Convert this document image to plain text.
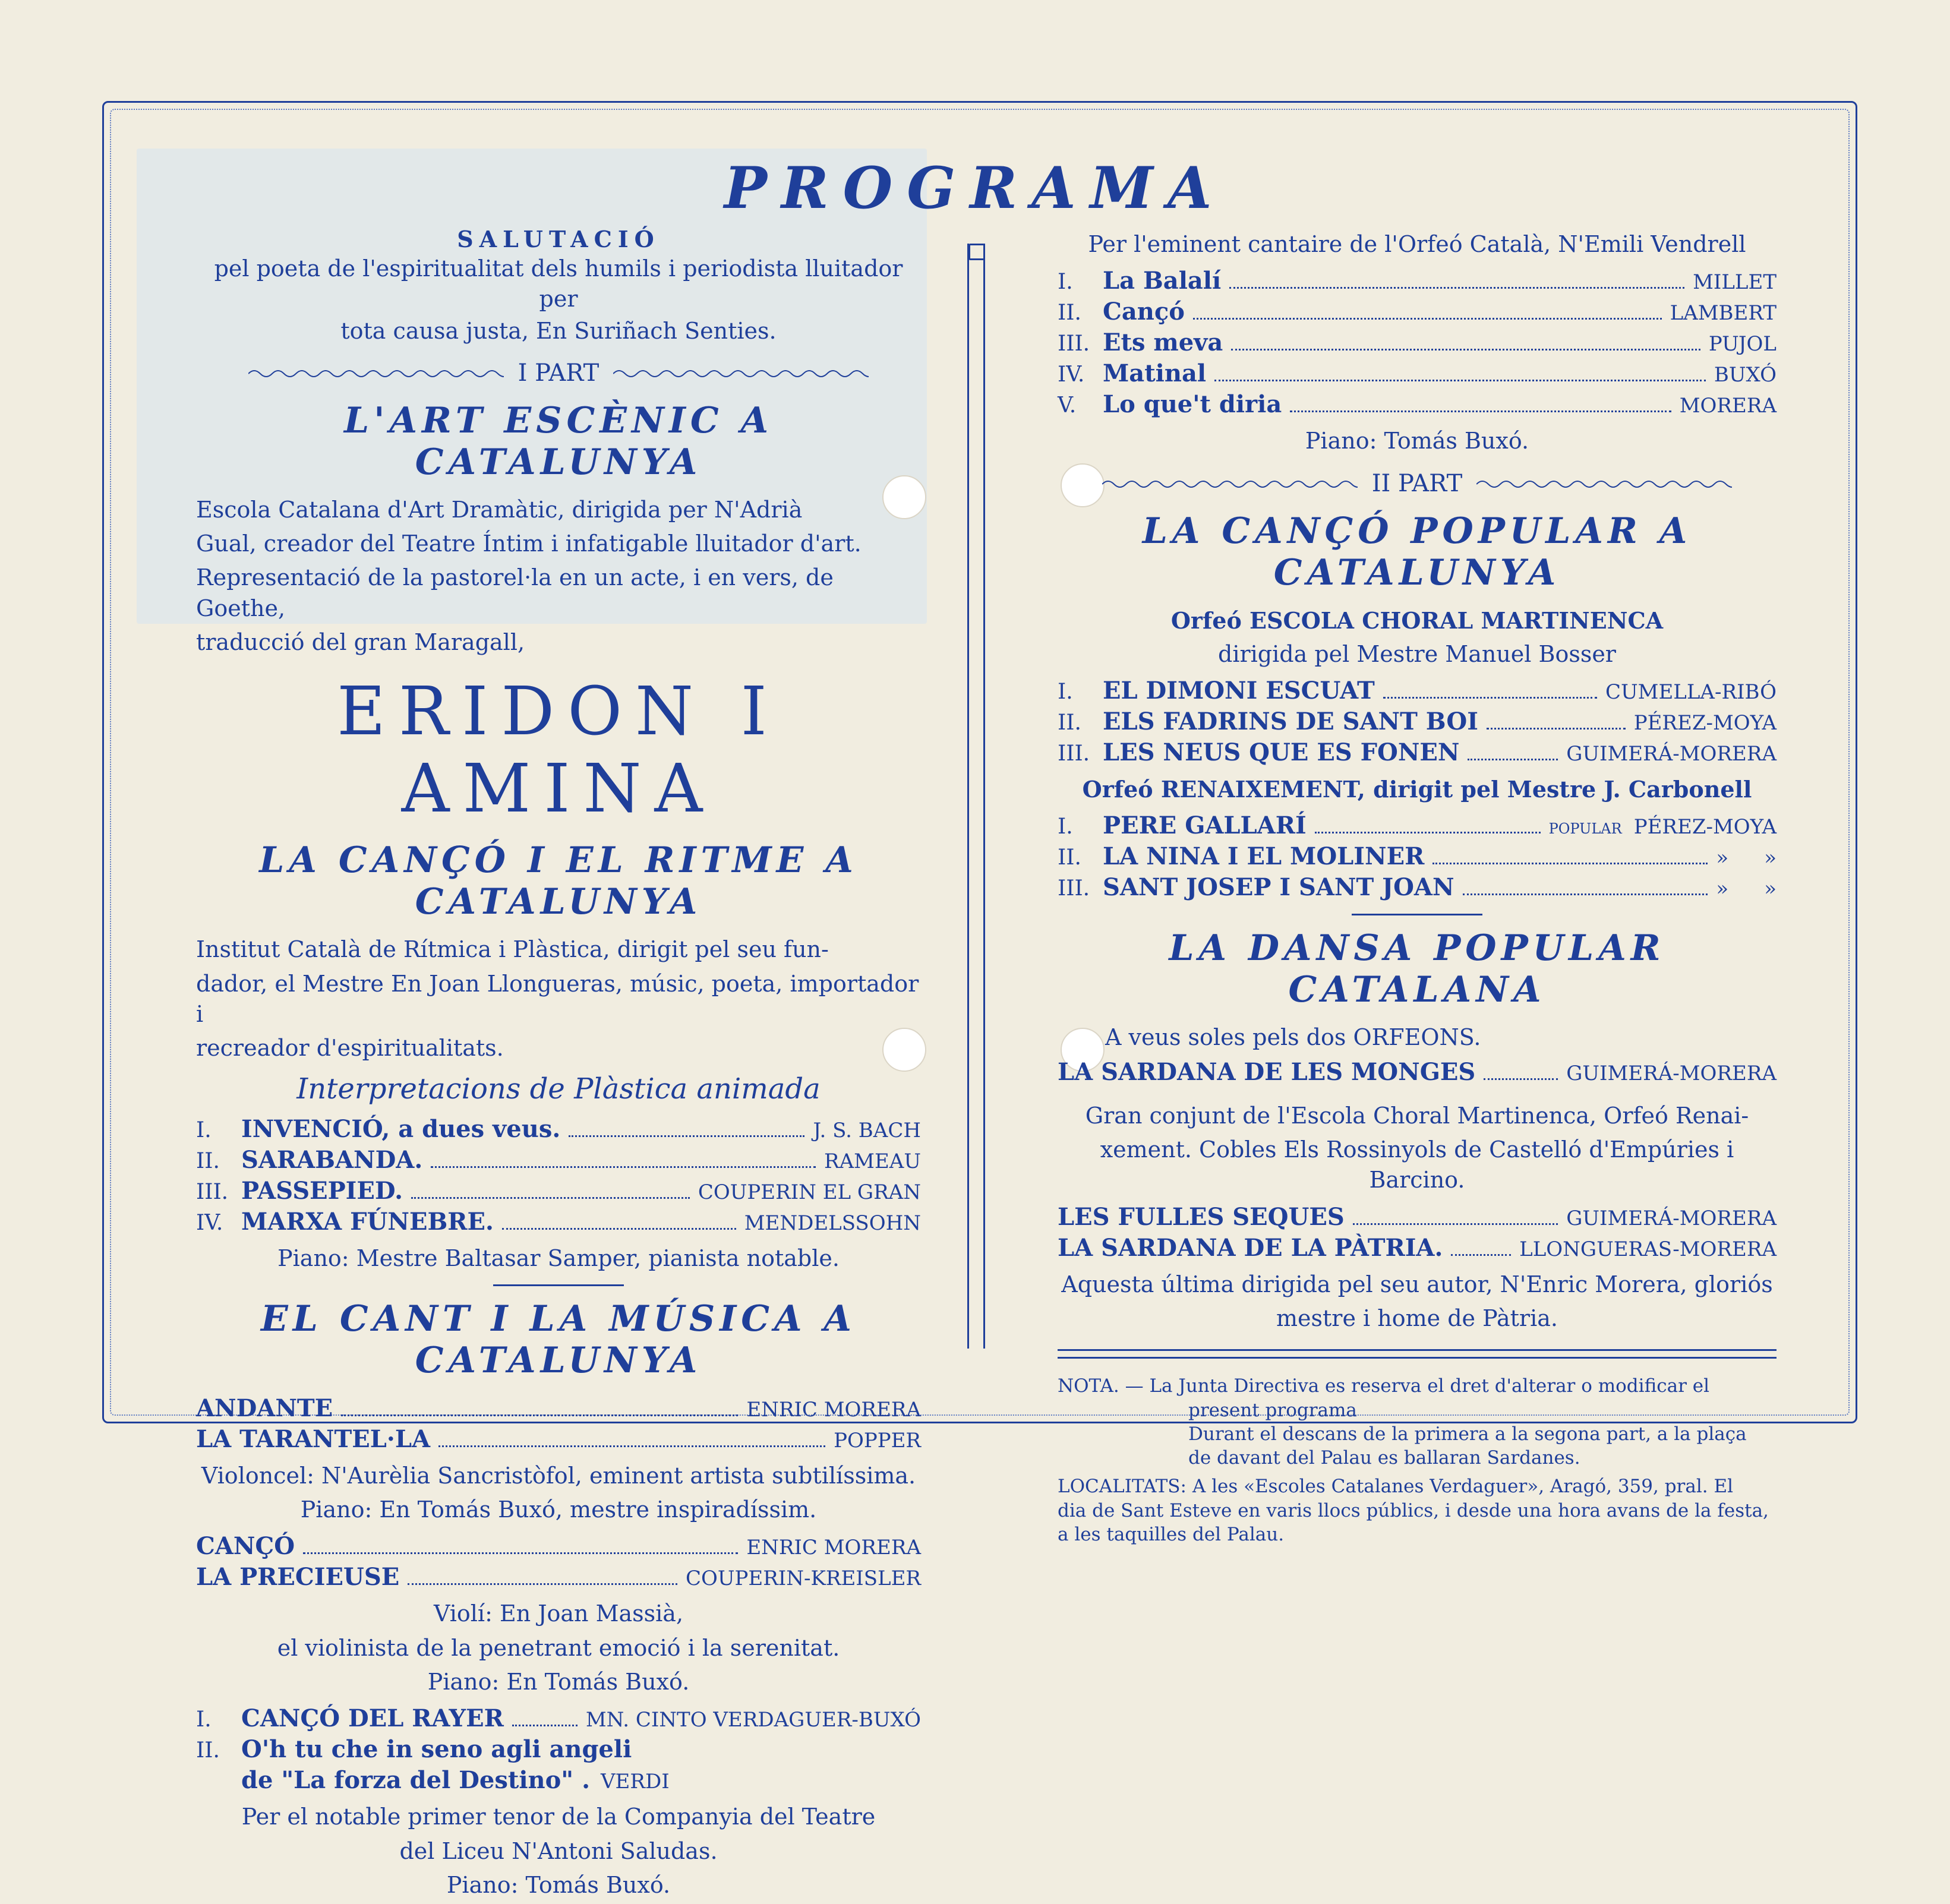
PROGRAMA
SALUTACIÓ
pel poeta de l'espiritualitat dels humils i periodista lluitador per
tota causa justa, En Suriñach Senties.
I PART
L'ART ESCÈNIC A CATALUNYA
Escola Catalana d'Art Dramàtic, dirigida per N'Adrià
Gual, creador del Teatre Íntim i infatigable lluitador d'art.
Representació de la pastorel·la en un acte, i en vers, de Goethe,
traducció del gran Maragall,
ERIDON I AMINA
LA CANÇÓ I EL RITME A CATALUNYA
Institut Català de Rítmica i Plàstica, dirigit pel seu fun-
dador, el Mestre En Joan Llongueras, músic, poeta, importador i
recreador d'espiritualitats.
Interpretacions de Plàstica animada
I.	INVENCIÓ, a dues veus.	J. S. BACH
II. SARABANDA.	RAMEAU
III. PASSEPIED.	COUPERIN EL GRAN
IV. MARXA FÚNEBRE.	MENDELSSOHN
Piano: Mestre Baltasar Samper, pianista notable.
EL CANT I LA MÚSICA A CATALUNYA
ANDANTE	ENRIC MORERA
LA TARANTEL·LA	POPPER
Violoncel: N'Aurèlia Sancristòfol, eminent artista subtilíssima.
Piano: En Tomás Buxó, mestre inspiradíssim.
CANÇÓ	ENRIC MORERA
LA PRECIEUSE	COUPERIN-KREISLER
Violí: En Joan Massià,
el violinista de la penetrant emoció i la serenitat.
Piano: En Tomás Buxó.
I.	CANÇÓ DEL RAYER	MN. CINTO VERDAGUER-BUXÓ
II. O'h tu che in seno agli angeli
de "La forza del Destino" . VERDI
Per el notable primer tenor de la Companyia del Teatre
del Liceu N'Antoni Saludas.
Piano: Tomás Buxó.
Per l'eminent cantaire de l'Orfeó Català, N'Emili Vendrell
I.	La Balalí	MILLET
II. Cançó	LAMBERT
III. Ets meva	PUJOL
IV. Matinal	BUXÓ
V.	Lo que't diria	MORERA
Piano: Tomás Buxó.
II PART
LA CANÇÓ POPULAR A CATALUNYA
Orfeó ESCOLA CHORAL MARTINENCA
dirigida pel Mestre Manuel Bosser
I.	EL DIMONI ESCUAT	CUMELLA-RIBÓ
II. ELS FADRINS DE SANT BOI	PÉREZ-MOYA
III. LES NEUS QUE ES FONEN	GUIMERÁ-MORERA
Orfeó RENAIXEMENT, dirigit pel Mestre J. Carbonell
I.	PERE GALLARÍ	popular PÉREZ-MOYA
II. LA NINA I EL MOLINER	» »
III. SANT JOSEP I SANT JOAN	» »
LA DANSA POPULAR CATALANA
A veus soles pels dos ORFEONS.
LA SARDANA DE LES MONGES	GUIMERÁ-MORERA
Gran conjunt de l'Escola Choral Martinenca, Orfeó Renai-
xement. Cobles Els Rossinyols de Castelló d'Empúries i Barcino.
LES FULLES SEQUES	GUIMERÁ-MORERA
LA SARDANA DE LA PÀTRIA.	LLONGUERAS-MORERA
Aquesta última dirigida pel seu autor, N'Enric Morera, gloriós
mestre i home de Pàtria.
NOTA. — La Junta Directiva es reserva el dret d'alterar o modificar el
present programa
Durant el descans de la primera a la segona part, a la plaça
de davant del Palau es ballaran Sardanes.
LOCALITATS: A les «Escoles Catalanes Verdaguer», Aragó, 359, pral. El
dia de Sant Esteve en varis llocs públics, i desde una hora avans de la festa,
a les taquilles del Palau.
